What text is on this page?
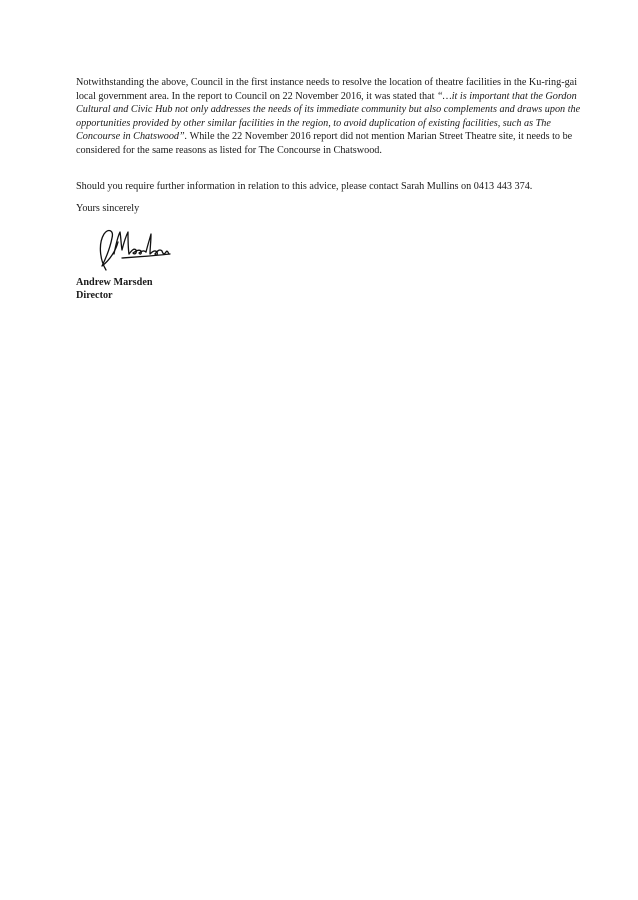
Notwithstanding the above, Council in the first instance needs to resolve the location of theatre facilities in the Ku-ring-gai local government area. In the report to Council on 22 November 2016, it was stated that “…it is important that the Gordon Cultural and Civic Hub not only addresses the needs of its immediate community but also complements and draws upon the opportunities provided by other similar facilities in the region, to avoid duplication of existing facilities, such as The Concourse in Chatswood”. While the 22 November 2016 report did not mention Marian Street Theatre site, it needs to be considered for the same reasons as listed for The Concourse in Chatswood.

Should you require further information in relation to this advice, please contact Sarah Mullins on 0413 443 374.

Yours sincerely

Andrew Marsden

Director
